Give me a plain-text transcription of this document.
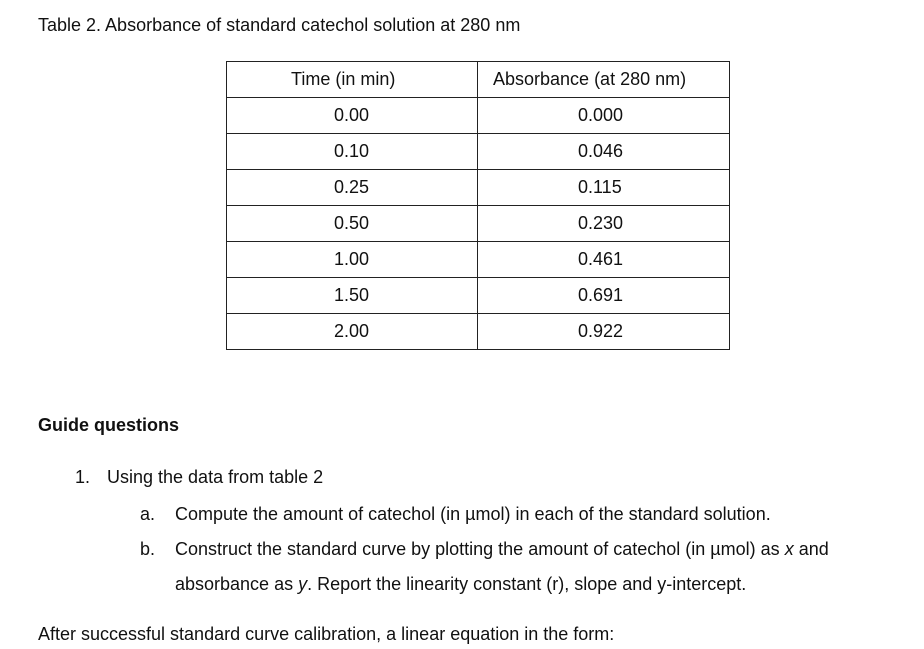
Table 2. Absorbance of standard catechol solution at 280 nm
Time (in min)	Absorbance (at 280 nm)
0.00	0.000
0.10	0.046
0.25	0.115
0.50	0.230
1.00	0.461
1.50	0.691
2.00	0.922
Guide questions
1. Using the data from table 2
a. Compute the amount of catechol (in µmol) in each of the standard solution.
b. Construct the standard curve by plotting the amount of catechol (in µmol) as x and
absorbance as y. Report the linearity constant (r), slope and y-intercept.
After successful standard curve calibration, a linear equation in the form:
